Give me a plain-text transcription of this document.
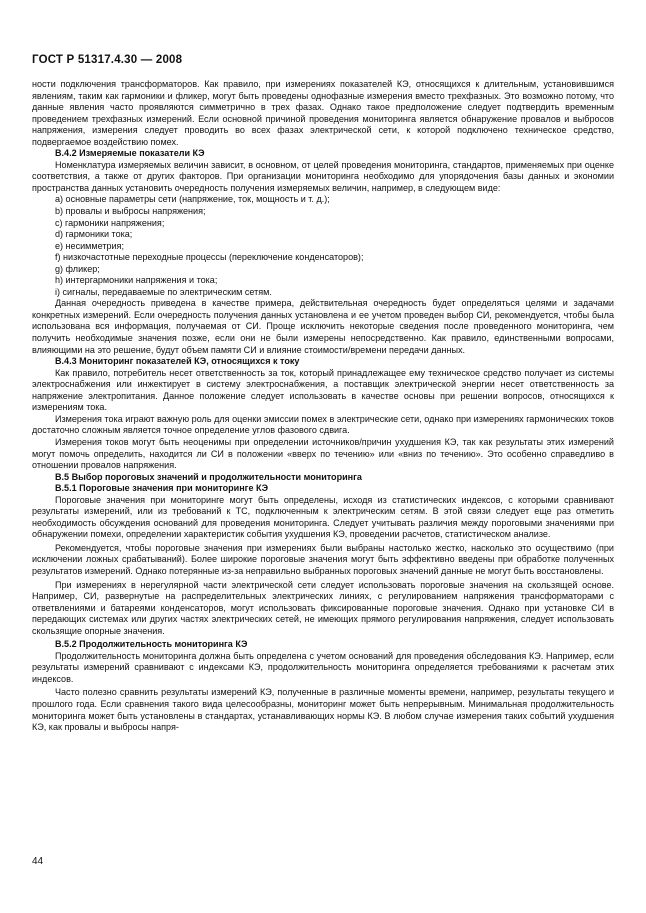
ГОСТ Р 51317.4.30 — 2008

ности подключения трансформаторов. Как правило, при измерениях показателей КЭ, относящихся к длительным, установившимся явлениям, таким как гармоники и фликер, могут быть проведены однофазные измерения вместо трехфазных. Это возможно потому, что данные явления часто проявляются симметрично в трех фазах. Однако такое предположение следует подтвердить временным проведением трехфазных измерений. Если основной причиной проведения мониторинга является обнаружение провалов и выбросов напряжения, измерения следует проводить во всех фазах электрической сети, к которой подключено техническое средство, подвергаемое воздействию помех.

В.4.2 Измеряемые показатели КЭ

Номенклатура измеряемых величин зависит, в основном, от целей проведения мониторинга, стандартов, применяемых при оценке соответствия, а также от других факторов. При организации мониторинга необходимо для упорядочения базы данных и экономии пространства данных установить очередность получения измеряемых величин, например, в следующем виде:

a) основные параметры сети (напряжение, ток, мощность и т. д.);

b) провалы и выбросы напряжения;

c) гармоники напряжения;

d) гармоники тока;

e) несимметрия;

f) низкочастотные переходные процессы (переключение конденсаторов);

g) фликер;

h) интергармоники напряжения и тока;

i) сигналы, передаваемые по электрическим сетям.

Данная очередность приведена в качестве примера, действительная очередность будет определяться целями и задачами конкретных измерений. Если очередность получения данных установлена и ее учетом проведен выбор СИ, рекомендуется, чтобы была использована вся информация, получаемая от СИ. Проще исключить некоторые сведения после проведенного мониторинга, чем получить необходимые значения позже, если они не были измерены непосредственно. Как правило, единственными вопросами, влияющими на это решение, будут объем памяти СИ и влияние стоимости/времени передачи данных.

В.4.3 Мониторинг показателей КЭ, относящихся к току

Как правило, потребитель несет ответственность за ток, который принадлежащее ему техническое средство получает из системы электроснабжения или инжектирует в систему электроснабжения, а поставщик электрической энергии несет ответственность за напряжение электропитания. Данное положение следует использовать в качестве основы при решении вопросов, относящихся к измерениям тока.

Измерения тока играют важную роль для оценки эмиссии помех в электрические сети, однако при измерениях гармонических токов достаточно сложным является точное определение углов фазового сдвига.

Измерения токов могут быть неоценимы при определении источников/причин ухудшения КЭ, так как результаты этих измерений могут помочь определить, находится ли СИ в положении «вверх по течению» или «вниз по течению». Это особенно справедливо в отношении провалов напряжения.

В.5 Выбор пороговых значений и продолжительности мониторинга

В.5.1 Пороговые значения при мониторинге КЭ

Пороговые значения при мониторинге могут быть определены, исходя из статистических индексов, с которыми сравнивают результаты измерений, или из требований к ТС, подключенным к электрическим сетям. В этой связи следует еще раз отметить необходимость обсуждения оснований для проведения мониторинга. Следует учитывать различия между пороговыми значениями при обнаружении помехи, определении характеристик события ухудшения КЭ, проведении расчетов, статистическом анализе.

Рекомендуется, чтобы пороговые значения при измерениях были выбраны настолько жестко, насколько это осуществимо (при исключении ложных срабатываний). Более широкие пороговые значения могут быть эффективно введены при обработке полученных результатов измерений. Однако потерянные из-за неправильно выбранных пороговых значений данные не могут быть восстановлены.

При измерениях в нерегулярной части электрической сети следует использовать пороговые значения на скользящей основе. Например, СИ, развернутые на распределительных электрических линиях, с регулированием напряжения трансформаторами с ответвлениями и батареями конденсаторов, могут использовать фиксированные пороговые значения. Однако при установке СИ в передающих системах или других частях электрических сетей, не имеющих прямого регулирования напряжения, следует использовать скользящие опорные значения.

В.5.2 Продолжительность мониторинга КЭ

Продолжительность мониторинга должна быть определена с учетом оснований для проведения обследования КЭ. Например, если результаты измерений сравнивают с индексами КЭ, продолжительность мониторинга определяется требованиями к расчетам этих индексов.

Часто полезно сравнить результаты измерений КЭ, полученные в различные моменты времени, например, результаты текущего и прошлого года. Если сравнения такого вида целесообразны, мониторинг может быть непрерывным. Минимальная продолжительность мониторинга может быть установлены в стандартах, устанавливающих нормы КЭ. В любом случае измерения таких событий ухудшения КЭ, как провалы и выбросы напря-

44
